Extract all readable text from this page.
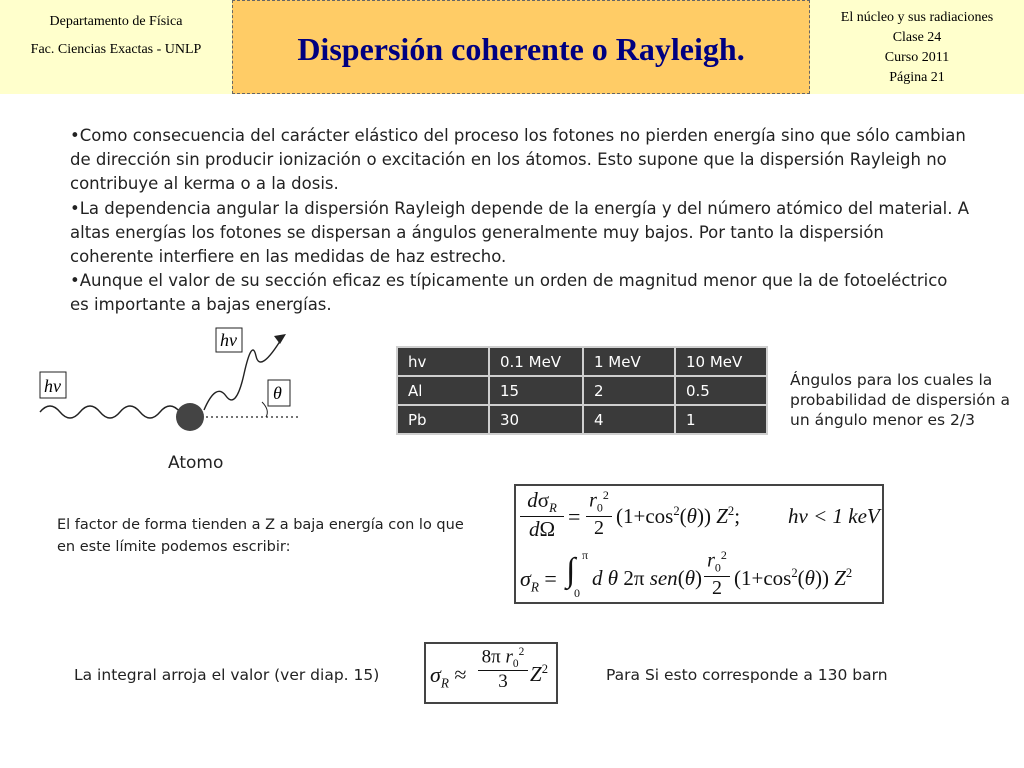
Departamento de Física
Fac. Ciencias Exactas - UNLP	Dispersión coherente o Rayleigh.
El núcleo y sus radiaciones
Clase 24
Curso 2011
Página 21

•Como consecuencia del carácter elástico del proceso los fotones no pierden energía sino que sólo cambian de dirección sin producir ionización o excitación en los átomos. Esto supone que la dispersión Rayleigh no contribuye al kerma o a la dosis.

•La dependencia angular la dispersión Rayleigh depende de la energía y del número atómico del material. A altas energías los fotones se dispersan a ángulos generalmente muy bajos. Por tanto la dispersión coherente interfiere en las medidas de haz estrecho.

•Aunque el valor de su sección eficaz es típicamente un orden de magnitud menor que la de fotoeléctrico es importante a bajas energías.

hν
hν
θ
Atomo
hv	0.1 MeV	1 MeV	10 MeV
Al	15	2	0.5
Pb	30	4	1
Ángulos para los cuales la probabilidad de dispersión a un ángulo menor es 2/3
El factor de forma tienden a Z a baja energía con lo que
en este límite podemos escribir:
$d\sigma_R$
dΩ
=
$r_0^2$
2 $(1+\cos^2(\theta))$ $Z^2$; hν < 1 keV
$\sigma_R$ = ∫ π
0
d θ 2π sen(θ)
$r_0^2$
2 $(1+\cos^2(\theta))$ $Z^2$
La integral arroja el valor (ver diap. 15) $\sigma_R$ ≈
8π $r_0^2$
3	$Z^2$	Para Si esto corresponde a 130 barn
